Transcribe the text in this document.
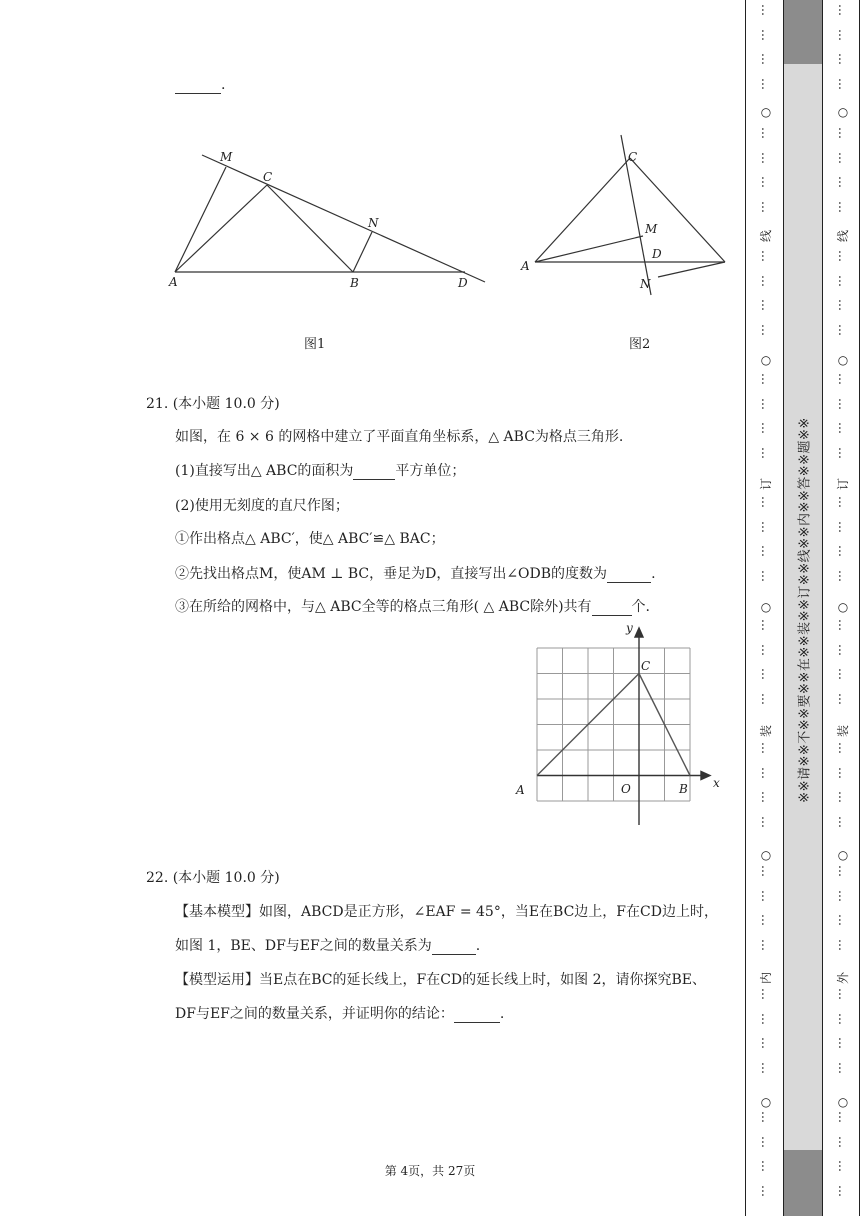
.
M
C
N
A	B	D
图1
C
M
D
A
N
图2
21. (本小题 10.0 分)
如图，在 6 × 6 的网格中建立了平面直角坐标系，△ ABC为格点三角形.
(1)直接写出△ ABC的面积为	平方单位；
(2)使用无刻度的直尺作图；
①作出格点△ ABC′，使△ ABC′≌△ BAC；
②先找出格点M，使AM ⊥ BC，垂足为D，直接写出∠ODB的度数为	.
③在所给的网格中，与△ ABC全等的格点三角形( △ ABC除外)共有	个.
y
x
C
A	O	B
22. (本小题 10.0 分)
【基本模型】如图，ABCD是正方形，∠EAF = 45°，当E在BC边上，F在CD边上时，
如图 1，BE、DF与EF之间的数量关系为	.
【模型运用】当E点在BC的延长线上，F在CD的延长线上时，如图 2，请你探究BE、
DF与EF之间的数量关系，并证明你的结论：	.
第 4页，共 27页
※※请※※不※※要※※在※※装※※订※※线※※内※※答※※题※※
○
○
○
○
○
线
订
装
内
…
…
…
…
…
…
…
…
…
…
…
…
…
…
…
…
…
…
…
…
…
…
…
…
…
…
…
…
…
…
…
…
…
…
…
…
…
…
…
…
○
○
○
○
○
线
订
装
外
…
…
…
…
…
…
…
…
…
…
…
…
…
…
…
…
…
…
…
…
…
…
…
…
…
…
…
…
…
…
…
…
…
…
…
…
…
…
…
…
